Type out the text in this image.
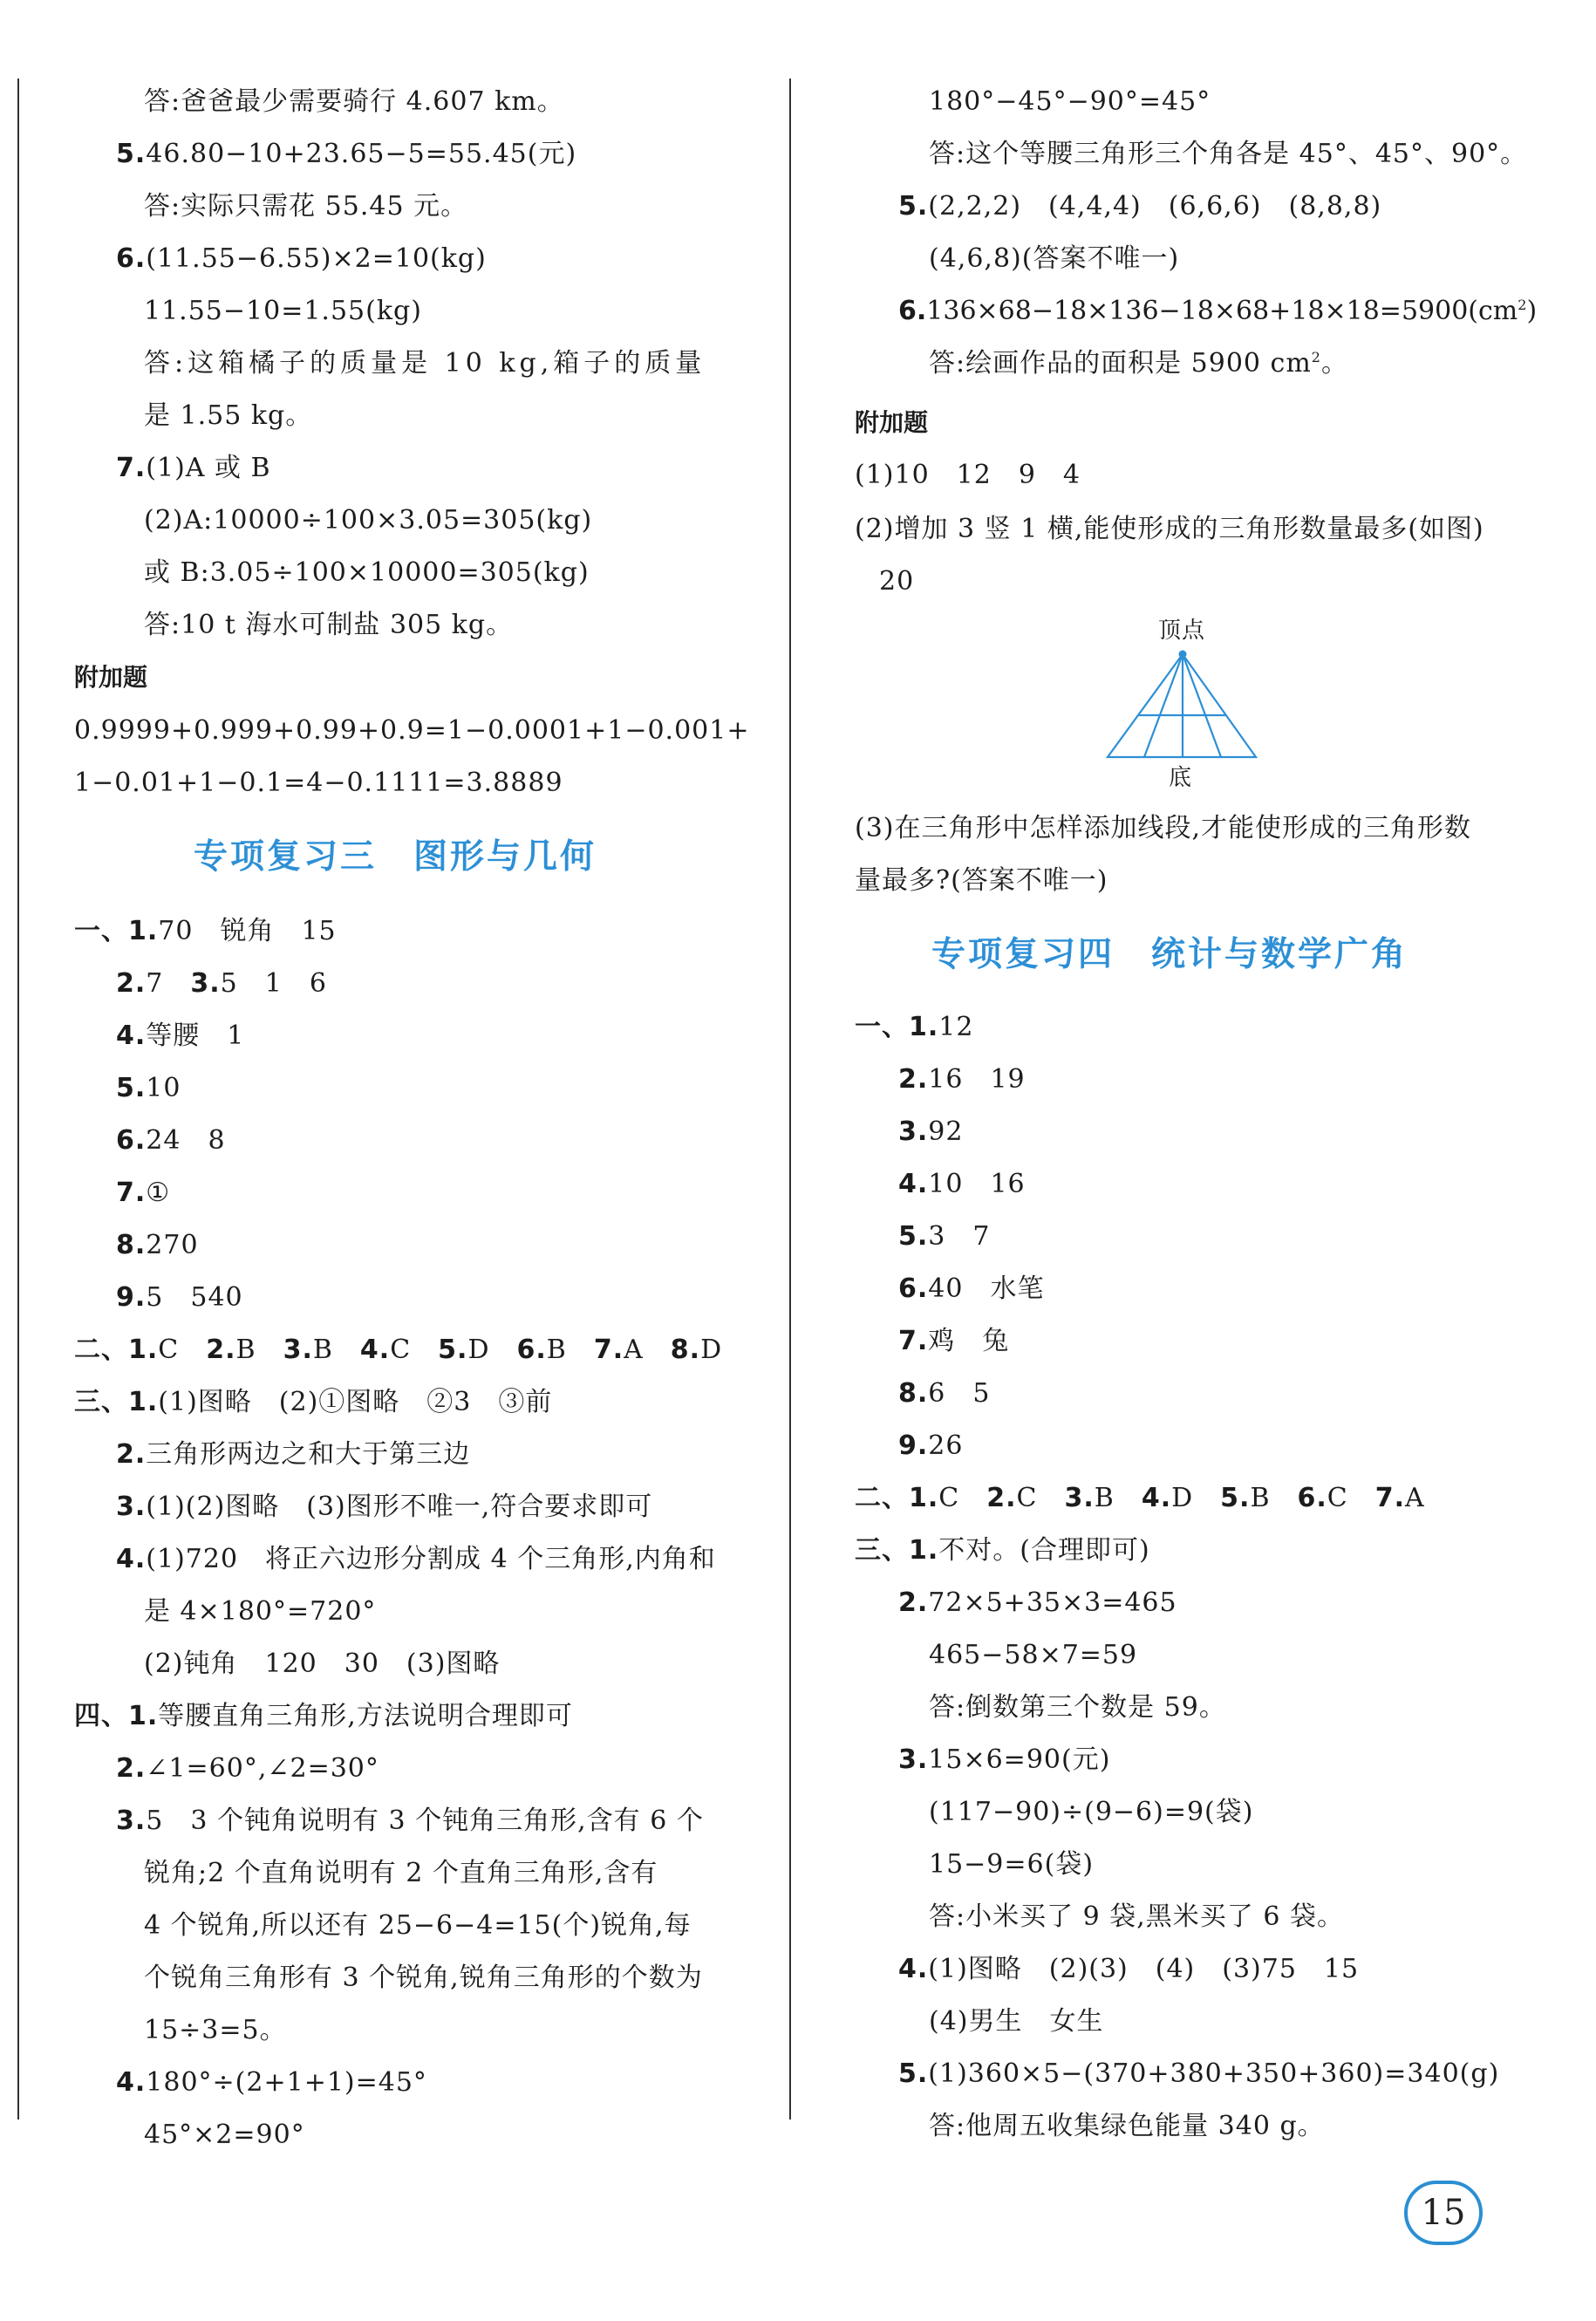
答:爸爸最少需要骑行 4.607 km。
5.46.80−10+23.65−5=55.45(元)
答:实际只需花 55.45 元。
6.(11.55−6.55)×2=10(kg)
11.55−10=1.55(kg)
答:这箱橘子的质量是 10 kg,箱子的质量
是 1.55 kg。
7.(1)A 或 B
(2)A:10000÷100×3.05=305(kg)
或 B:3.05÷100×10000=305(kg)
答:10 t 海水可制盐 305 kg。
附加题
0.9999+0.999+0.99+0.9=1−0.0001+1−0.001+
1−0.01+1−0.1=4−0.1111=3.8889
专项复习三　图形与几何
一、1.70　锐角　15
2.7　 3.5　1　6
4.等腰　1
5.10
6.24　8
7.①
8.270
9.5　540
二、1.C　 2.B　 3.B　 4.C　 5.D　 6.B　 7.A　 8.D
三、1.(1)图略　(2)①图略　②3　③前
2.三角形两边之和大于第三边
3.(1)(2)图略　(3)图形不唯一,符合要求即可
4.(1)720　将正六边形分割成 4 个三角形,内角和
是 4×180°=720°
(2)钝角　120　30　(3)图略
四、1.等腰直角三角形,方法说明合理即可
2.∠1=60°,∠2=30°
3.5　3 个钝角说明有 3 个钝角三角形,含有 6 个
锐角;2 个直角说明有 2 个直角三角形,含有
4 个锐角,所以还有 25−6−4=15(个)锐角,每
个锐角三角形有 3 个锐角,锐角三角形的个数为
15÷3=5。
4.180°÷(2+1+1)=45°
45°×2=90°
180°−45°−90°=45°
答:这个等腰三角形三个角各是 45°、45°、90°。
5.(2,2,2)　(4,4,4)　(6,6,6)　(8,8,8)
(4,6,8)(答案不唯一)
$6.136\times 68-18\times 136-18\times 68+18\times 18=5900(cm^2)$
答:绘画作品的面积是 5900 $cm^2$。
附加题
(1)10　12　9　4
(2)增加 3 竖 1 横,能使形成的三角形数量最多(如图)
20
顶点
底
(3)在三角形中怎样添加线段,才能使形成的三角形数
量最多?(答案不唯一)
专项复习四　统计与数学广角
一、1.12
2.16　19
3.92
4.10　16
5.3　7
6.40　水笔
7.鸡　兔
8.6　5
9.26
二、1.C　 2.C　 3.B　 4.D　 5.B　 6.C　 7.A
三、1.不对。(合理即可)
2.72×5+35×3=465
465−58×7=59
答:倒数第三个数是 59。
3.15×6=90(元)
(117−90)÷(9−6)=9(袋)
15−9=6(袋)
答:小米买了 9 袋,黑米买了 6 袋。
4.(1)图略　(2)(3)　(4)　(3)75　15
(4)男生　女生
5.(1)360×5−(370+380+350+360)=340(g)
答:他周五收集绿色能量 340 g。
15
